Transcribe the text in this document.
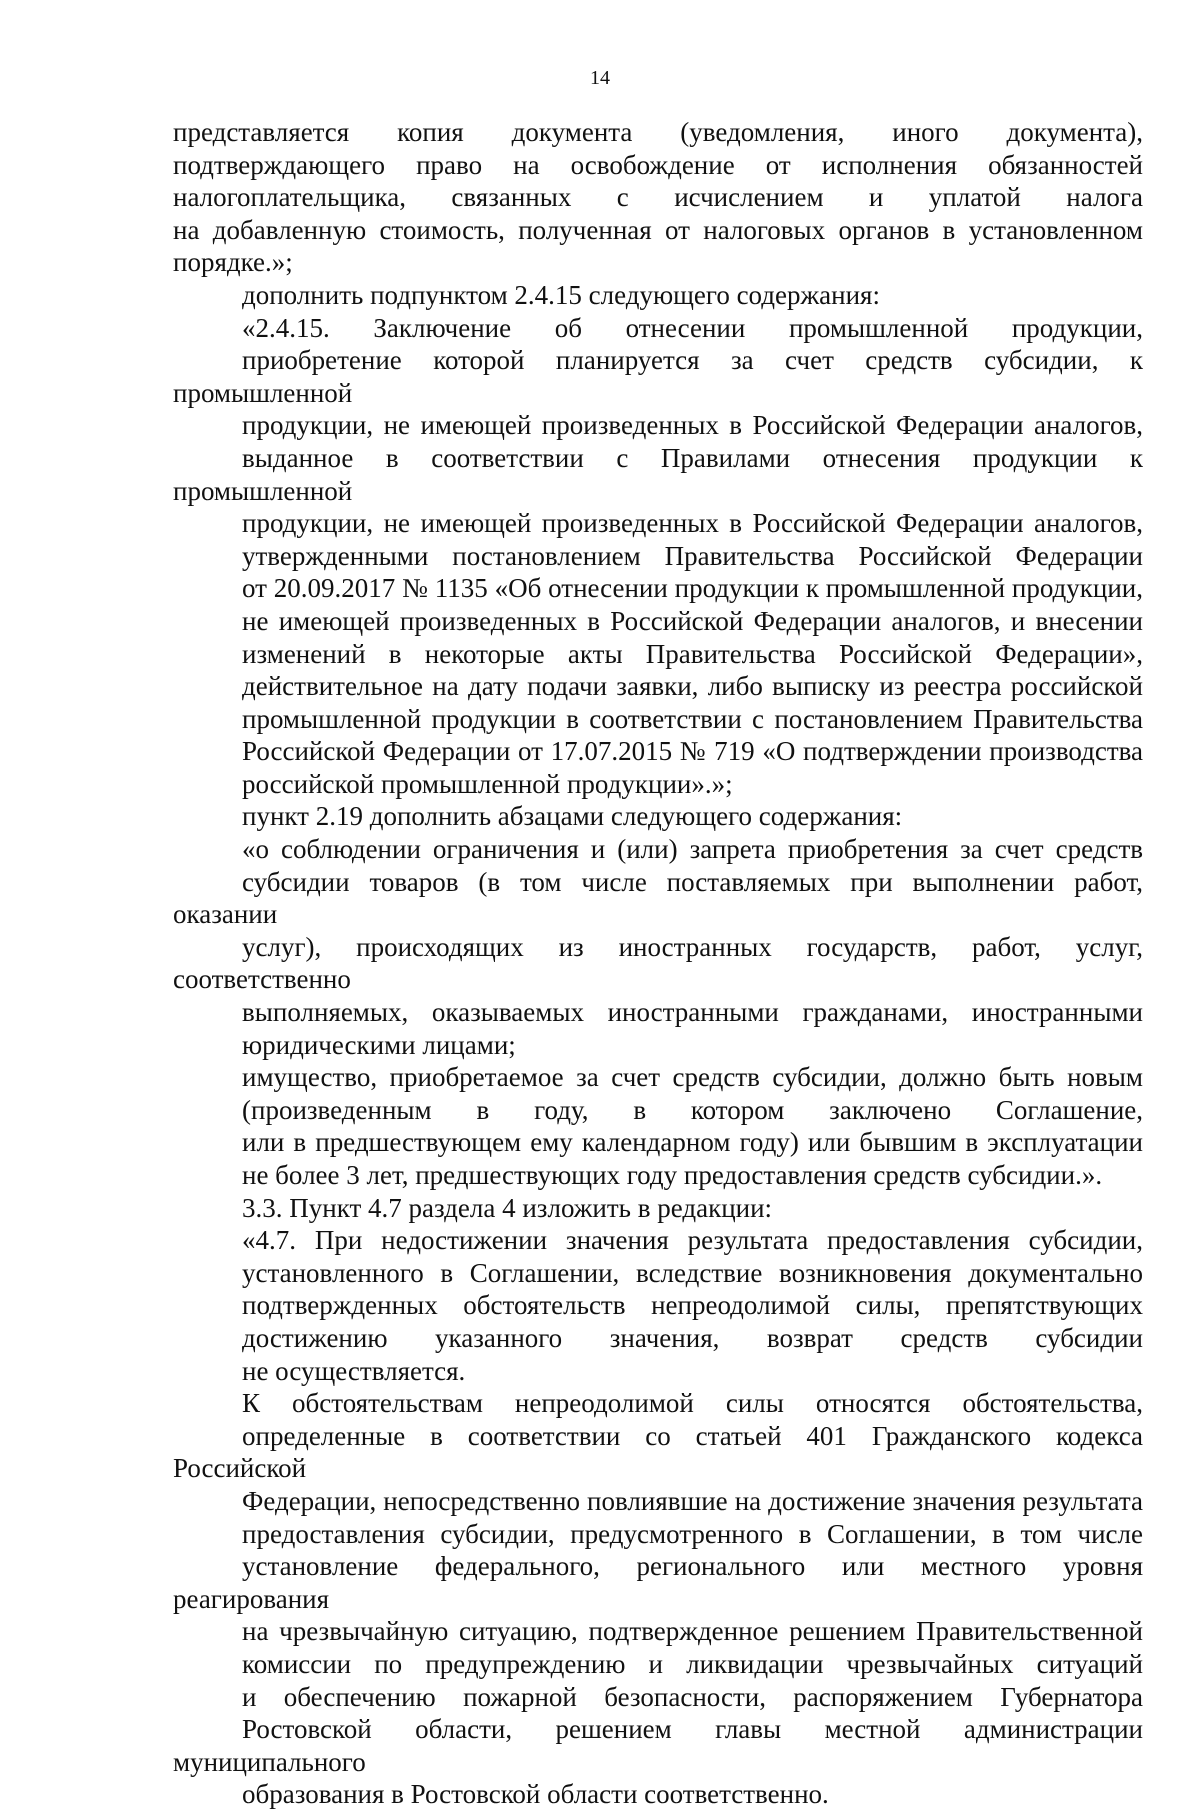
14
представляется копия документа (уведомления, иного документа),
подтверждающего право на освобождение от исполнения обязанностей
налогоплательщика, связанных с исчислением и уплатой налога
на добавленную стоимость, полученная от налоговых органов в установленном
порядке.»;
дополнить подпунктом 2.4.15 следующего содержания:
«2.4.15. Заключение об отнесении промышленной продукции,
приобретение которой планируется за счет средств субсидии, к промышленной
продукции, не имеющей произведенных в Российской Федерации аналогов,
выданное в соответствии с Правилами отнесения продукции к промышленной
продукции, не имеющей произведенных в Российской Федерации аналогов,
утвержденными постановлением Правительства Российской Федерации
от 20.09.2017 № 1135 «Об отнесении продукции к промышленной продукции,
не имеющей произведенных в Российской Федерации аналогов, и внесении
изменений в некоторые акты Правительства Российской Федерации»,
действительное на дату подачи заявки, либо выписку из реестра российской
промышленной продукции в соответствии с постановлением Правительства
Российской Федерации от 17.07.2015 № 719 «О подтверждении производства
российской промышленной продукции».»;
пункт 2.19 дополнить абзацами следующего содержания:
«о соблюдении ограничения и (или) запрета приобретения за счет средств
субсидии товаров (в том числе поставляемых при выполнении работ, оказании
услуг), происходящих из иностранных государств, работ, услуг, соответственно
выполняемых, оказываемых иностранными гражданами, иностранными
юридическими лицами;
имущество, приобретаемое за счет средств субсидии, должно быть новым
(произведенным в году, в котором заключено Соглашение,
или в предшествующем ему календарном году) или бывшим в эксплуатации
не более 3 лет, предшествующих году предоставления средств субсидии.».
3.3. Пункт 4.7 раздела 4 изложить в редакции:
«4.7. При недостижении значения результата предоставления субсидии,
установленного в Соглашении, вследствие возникновения документально
подтвержденных обстоятельств непреодолимой силы, препятствующих
достижению указанного значения, возврат средств субсидии
не осуществляется.
К обстоятельствам непреодолимой силы относятся обстоятельства,
определенные в соответствии со статьей 401 Гражданского кодекса Российской
Федерации, непосредственно повлиявшие на достижение значения результата
предоставления субсидии, предусмотренного в Соглашении, в том числе
установление федерального, регионального или местного уровня реагирования
на чрезвычайную ситуацию, подтвержденное решением Правительственной
комиссии по предупреждению и ликвидации чрезвычайных ситуаций
и обеспечению пожарной безопасности, распоряжением Губернатора
Ростовской области, решением главы местной администрации муниципального
образования в Ростовской области соответственно.
